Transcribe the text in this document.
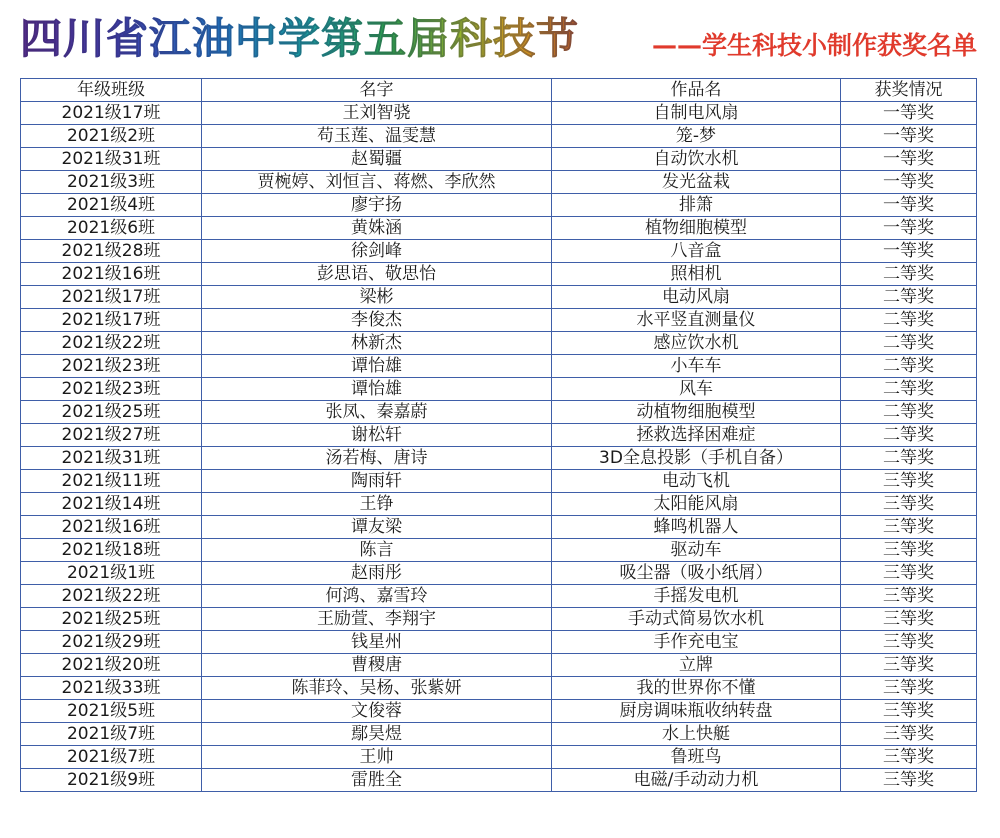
四川省江油中学第五届科技节	——学生科技小制作获奖名单
年级班级	名字	作品名	获奖情况
2021级17班	王刘智骁	自制电风扇	一等奖
2021级2班	苟玉莲、温雯慧	笼-梦	一等奖
2021级31班	赵蜀疆	自动饮水机	一等奖
2021级3班	贾椀婷、刘恒言、蒋燃、李欣然	发光盆栽	一等奖
2021级4班	廖宇扬	排箫	一等奖
2021级6班	黄姝涵	植物细胞模型	一等奖
2021级28班	徐剑峰	八音盒	一等奖
2021级16班	彭思语、敬思怡	照相机	二等奖
2021级17班	梁彬	电动风扇	二等奖
2021级17班	李俊杰	水平竖直测量仪	二等奖
2021级22班	林新杰	感应饮水机	二等奖
2021级23班	谭怡雄	小车车	二等奖
2021级23班	谭怡雄	风车	二等奖
2021级25班	张凤、秦嘉蔚	动植物细胞模型	二等奖
2021级27班	谢松轩	拯救选择困难症	二等奖
2021级31班	汤若梅、唐诗	3D全息投影（手机自备）	二等奖
2021级11班	陶雨轩	电动飞机	三等奖
2021级14班	王铮	太阳能风扇	三等奖
2021级16班	谭友梁	蜂鸣机器人	三等奖
2021级18班	陈言	驱动车	三等奖
2021级1班	赵雨彤	吸尘器（吸小纸屑）	三等奖
2021级22班	何鸿、嘉雪玲	手摇发电机	三等奖
2021级25班	王励萱、李翔宇	手动式简易饮水机	三等奖
2021级29班	钱星州	手作充电宝	三等奖
2021级20班	曹稷唐	立牌	三等奖
2021级33班	陈菲玲、吴杨、张紫妍	我的世界你不懂	三等奖
2021级5班	文俊蓉	厨房调味瓶收纳转盘	三等奖
2021级7班	鄢昊煜	水上快艇	三等奖
2021级7班	王帅	鲁班鸟	三等奖
2021级9班	雷胜全	电磁/手动动力机	三等奖
